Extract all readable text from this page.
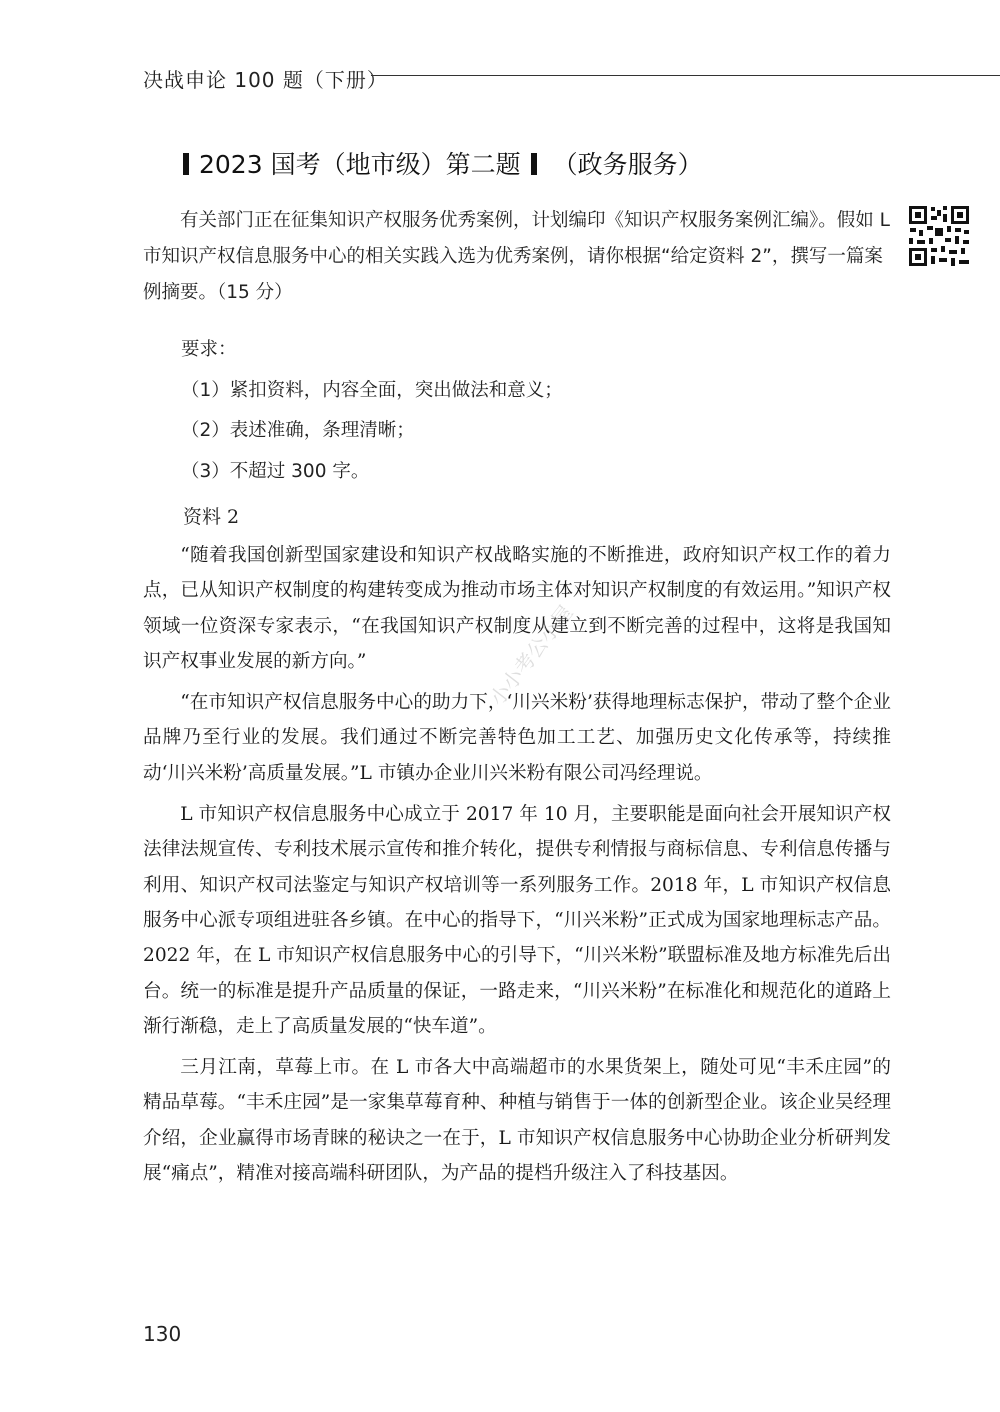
决战申论 100 题（下册）
2023 国考（地市级）第二题 （政务服务）

有关部门正在征集知识产权服务优秀案例，计划编印《知识产权服务案例汇编》。假如 L 市知识产权信息服务中心的相关实践入选为优秀案例，请你根据“给定资料 2”，撰写一篇案例摘要。（15 分）

要求：
（1）紧扣资料，内容全面，突出做法和意义；
（2）表述准确，条理清晰；
（3）不超过 300 字。
资料 2

“随着我国创新型国家建设和知识产权战略实施的不断推进，政府知识产权工作的着力点，已从知识产权制度的构建转变成为推动市场主体对知识产权制度的有效运用。”知识产权领域一位资深专家表示，“在我国知识产权制度从建立到不断完善的过程中，这将是我国知识产权事业发展的新方向。”

“在市知识产权信息服务中心的助力下，‘川兴米粉’获得地理标志保护，带动了整个企业品牌乃至行业的发展。我们通过不断完善特色加工工艺、加强历史文化传承等，持续推动‘川兴米粉’高质量发展。”L 市镇办企业川兴米粉有限公司冯经理说。

L 市知识产权信息服务中心成立于 2017 年 10 月，主要职能是面向社会开展知识产权法律法规宣传、专利技术展示宣传和推介转化，提供专利情报与商标信息、专利信息传播与利用、知识产权司法鉴定与知识产权培训等一系列服务工作。2018 年，L 市知识产权信息服务中心派专项组进驻各乡镇。在中心的指导下，“川兴米粉”正式成为国家地理标志产品。2022 年，在 L 市知识产权信息服务中心的引导下，“川兴米粉”联盟标准及地方标准先后出台。统一的标准是提升产品质量的保证，一路走来，“川兴米粉”在标准化和规范化的道路上渐行渐稳，走上了高质量发展的“快车道”。

三月江南，草莓上市。在 L 市各大中高端超市的水果货架上，随处可见“丰禾庄园”的精品草莓。“丰禾庄园”是一家集草莓育种、种植与销售于一体的创新型企业。该企业吴经理介绍，企业赢得市场青睐的秘诀之一在于，L 市知识产权信息服务中心协助企业分析研判发展“痛点”，精准对接高端科研团队，为产品的提档升级注入了科技基因。

小小考公小屋
130
